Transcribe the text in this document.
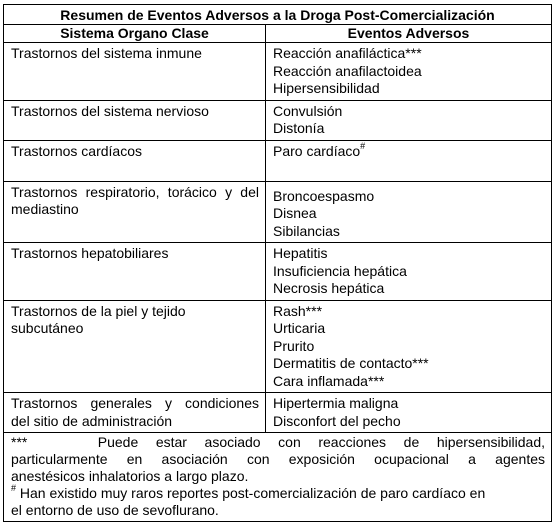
Resumen de Eventos Adversos a la Droga Post-Comercialización	
Sistema Organo Clase	Eventos Adversos

Trastornos del sistema inmune	Reacción anafiláctica***
Reacción anafilactoidea
Hipersensibilidad

Trastornos del sistema nervioso	Convulsión
Distonía

Trastornos cardíacos	Paro cardíaco#

Trastornos respiratorio, torácico y del
mediastino	Broncoespasmo
Disnea
Sibilancias

Trastornos hepatobiliares	Hepatitis
Insuficiencia hepática
Necrosis hepática

Trastornos de la piel y tejido
subcutáneo	Rash***
Urticaria
Prurito
Dermatitis de contacto***
Cara inflamada***

Trastornos generales y condiciones
del sitio de administración	Hipertermia maligna
Disconfort del pecho

*** Puede estar asociado con reacciones de hipersensibilidad,
particularmente en asociación con exposición ocupacional a agentes
anestésicos inhalatorios a largo plazo.
# Han existido muy raros reportes post-comercialización de paro cardíaco en
el entorno de uso de sevoflurano.	
